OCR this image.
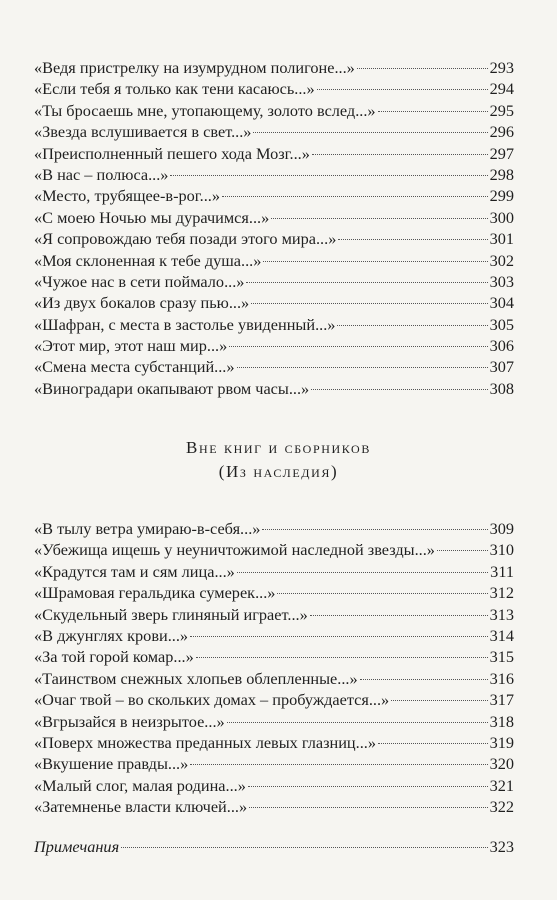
«Ведя пристрелку на изумрудном полигоне...»	293
«Если тебя я только как тени касаюсь...»	294
«Ты бросаешь мне, утопающему, золото вслед...»	295
«Звезда вслушивается в свет...»	296
«Преисполненный пешего хода Мозг...»	297
«В нас – полюса...»	298
«Место, трубящее-в-рог...»	299
«С моею Ночью мы дурачимся...»	300
«Я сопровождаю тебя позади этого мира...»	301
«Моя склоненная к тебе душа...»	302
«Чужое нас в сети поймало...»	303
«Из двух бокалов сразу пью...»	304
«Шафран, с места в застолье увиденный...»	305
«Этот мир, этот наш мир...»	306
«Смена места субстанций...»	307
«Виноградари окапывают рвом часы...»	308
Вне книг и сборников
(Из наследия)
«В тылу ветра умираю-в-себя...»	309
«Убежища ищешь у неуничтожимой наследной звезды...»	310
«Крадутся там и сям лица...»	311
«Шрамовая геральдика сумерек...»	312
«Скудельный зверь глиняный играет...»	313
«В джунглях крови...»	314
«За той горой комар...»	315
«Таинством снежных хлопьев облепленные...»	316
«Очаг твой – во скольких домах – пробуждается...»	317
«Вгрызайся в неизрытое...»	318
«Поверх множества преданных левых глазниц...»	319
«Вкушение правды...»	320
«Малый слог, малая родина...»	321
«Затемненье власти ключей...»	322
Примечания	323
